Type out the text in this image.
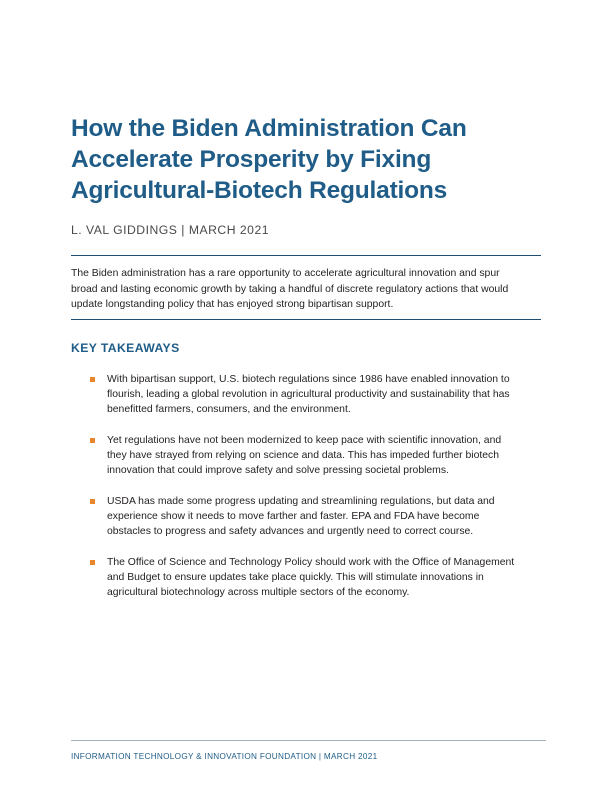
How the Biden Administration Can
Accelerate Prosperity by Fixing
Agricultural-Biotech Regulations
L. VAL GIDDINGS | MARCH 2021

The Biden administration has a rare opportunity to accelerate agricultural innovation and spur
broad and lasting economic growth by taking a handful of discrete regulatory actions that would
update longstanding policy that has enjoyed strong bipartisan support.

KEY TAKEAWAYS
With bipartisan support, U.S. biotech regulations since 1986 have enabled innovation to
flourish, leading a global revolution in agricultural productivity and sustainability that has
benefitted farmers, consumers, and the environment.
Yet regulations have not been modernized to keep pace with scientific innovation, and
they have strayed from relying on science and data. This has impeded further biotech
innovation that could improve safety and solve pressing societal problems.
USDA has made some progress updating and streamlining regulations, but data and
experience show it needs to move farther and faster. EPA and FDA have become
obstacles to progress and safety advances and urgently need to correct course.
The Office of Science and Technology Policy should work with the Office of Management
and Budget to ensure updates take place quickly. This will stimulate innovations in
agricultural biotechnology across multiple sectors of the economy.
INFORMATION TECHNOLOGY & INNOVATION FOUNDATION | MARCH 2021
